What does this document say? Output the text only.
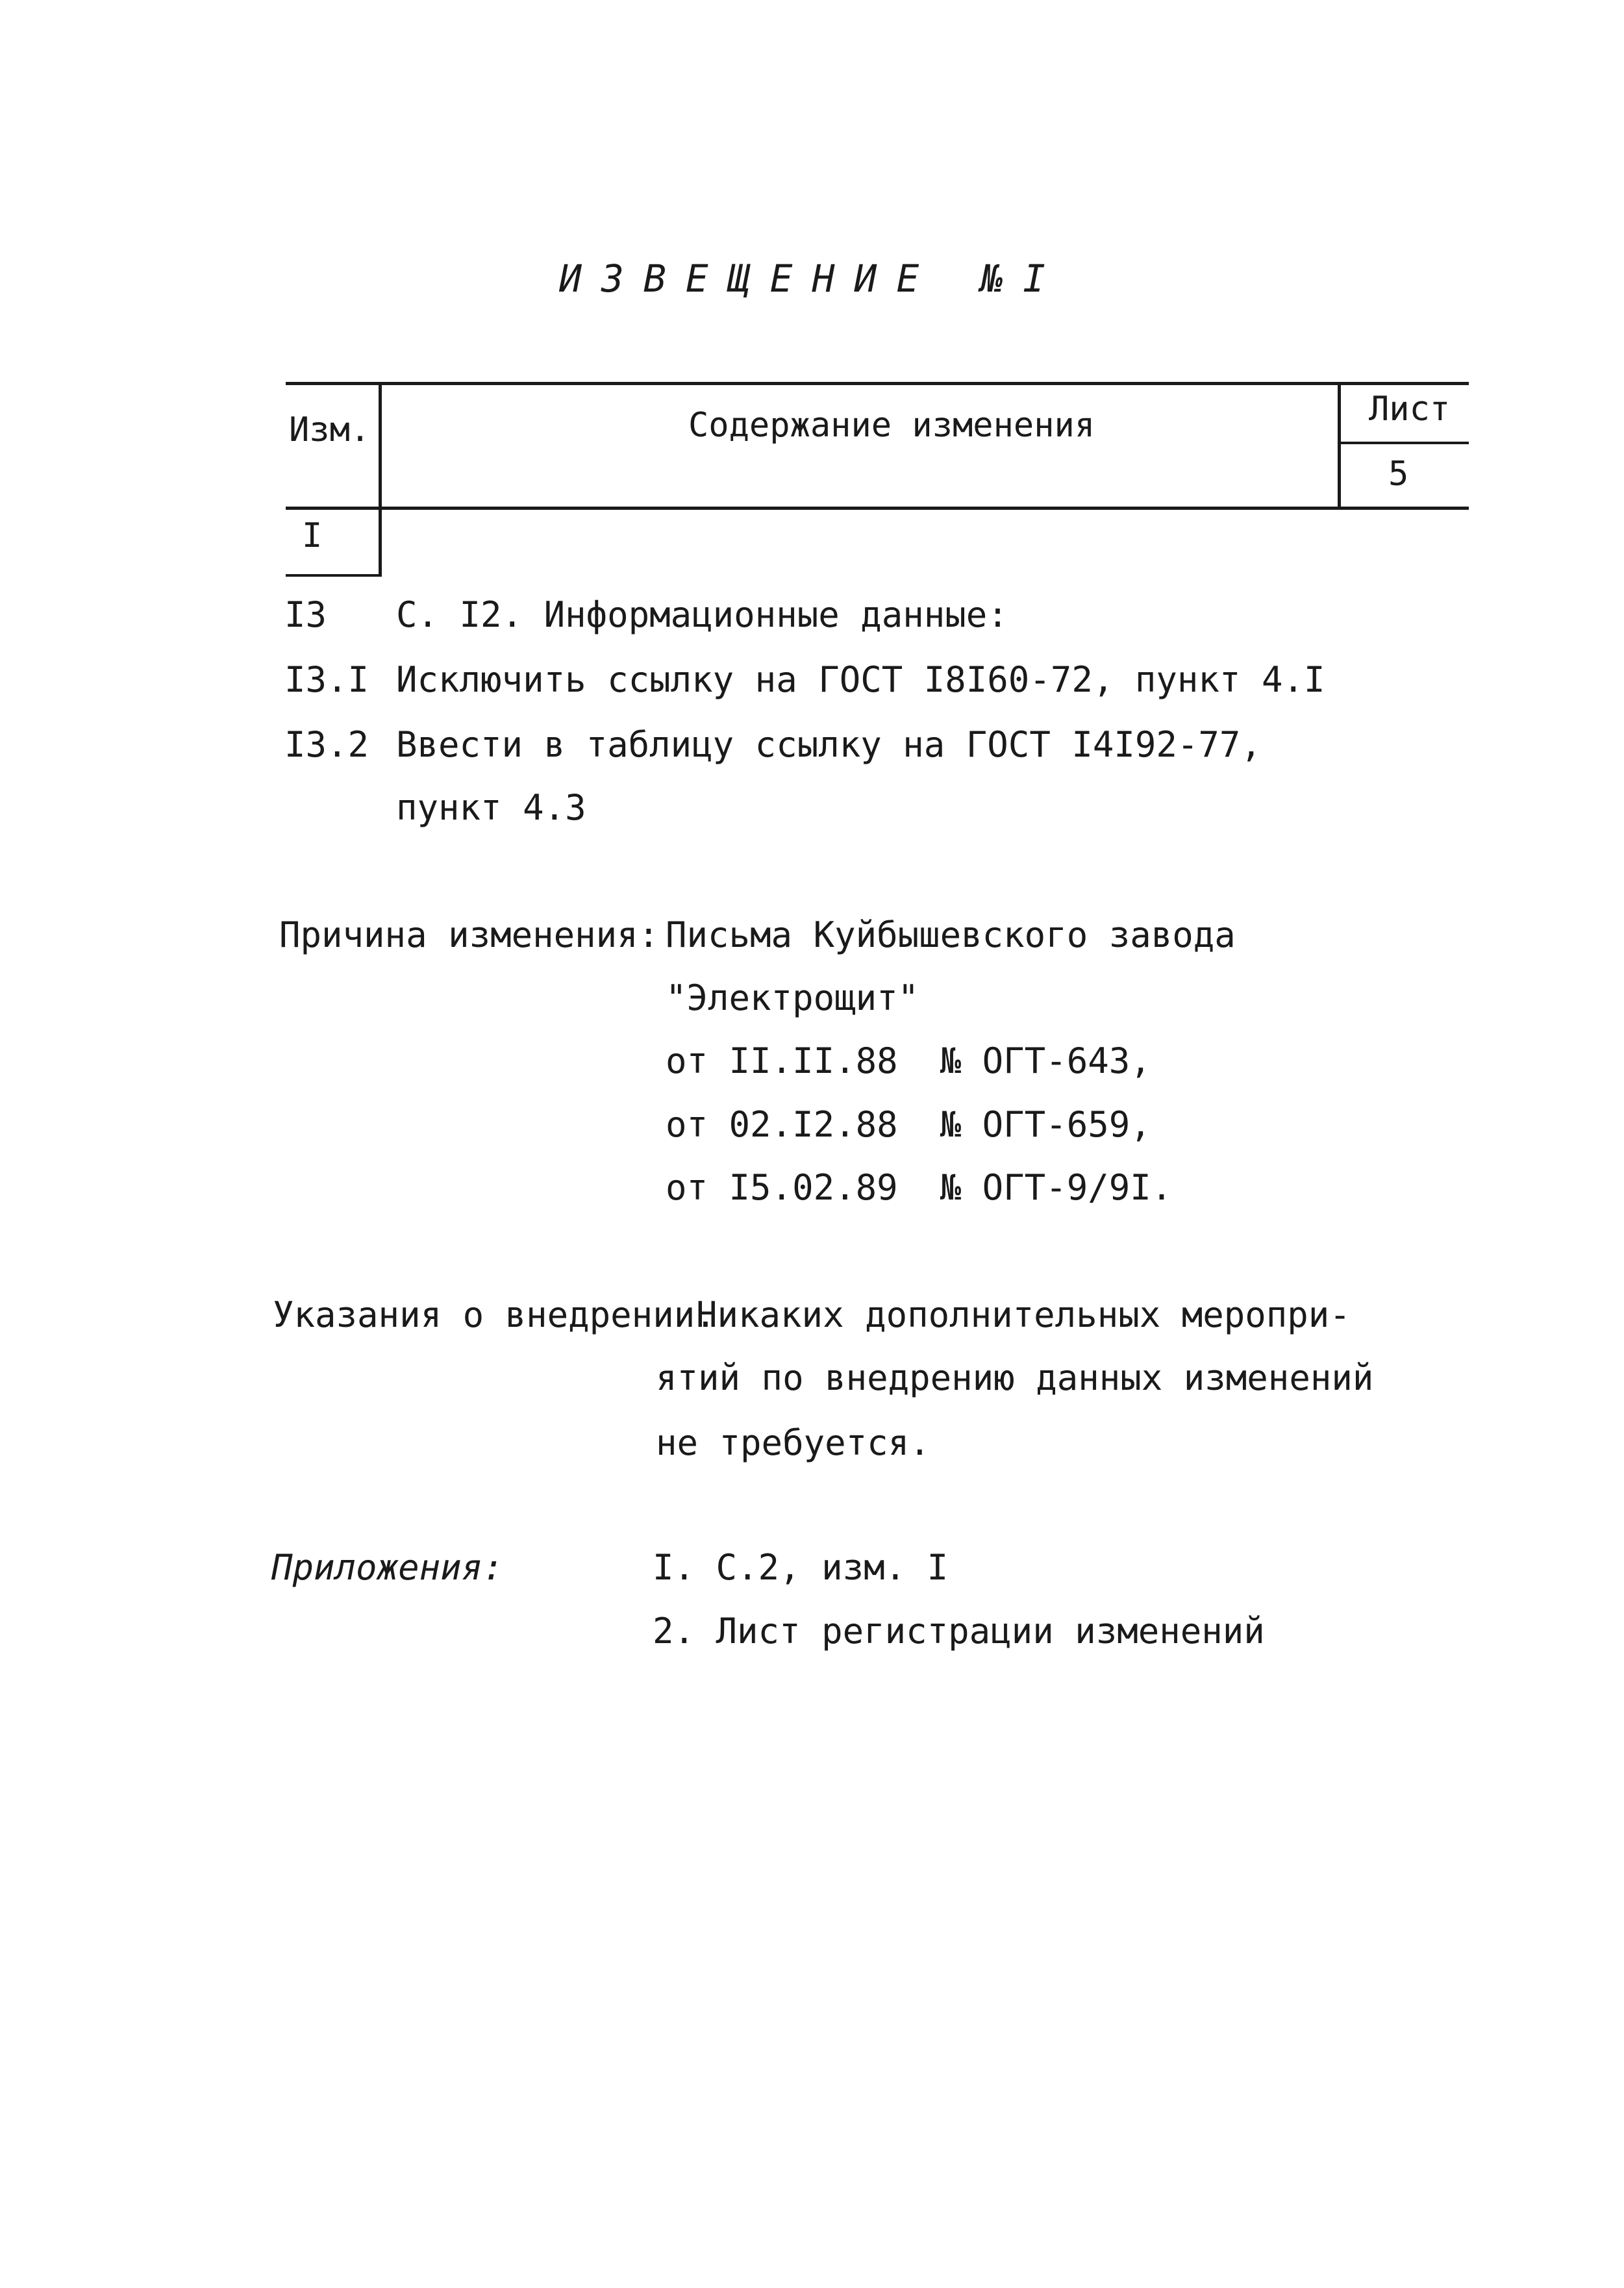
ИЗВЕЩЕНИЕ №I
Изм.	Содержание изменения	Лист
5
I
I3 С. I2. Информационные данные:
I3.I Исключить ссылку на ГОСТ I8I60-72, пункт 4.I
I3.2 Ввести в таблицу ссылку на ГОСТ I4I92-77,
пункт 4.3
Причина изменения: Письма Куйбышевского завода
"Электрощит"
от II.II.88  № ОГТ-643,
от 02.I2.88  № ОГТ-659,
от I5.02.89  № ОГТ-9/9I.
Указания о внедрении.
Никаких дополнительных меропри-
ятий по внедрению данных изменений
не требуется.
Приложения:	I. С.2, изм. I
2. Лист регистрации изменений
